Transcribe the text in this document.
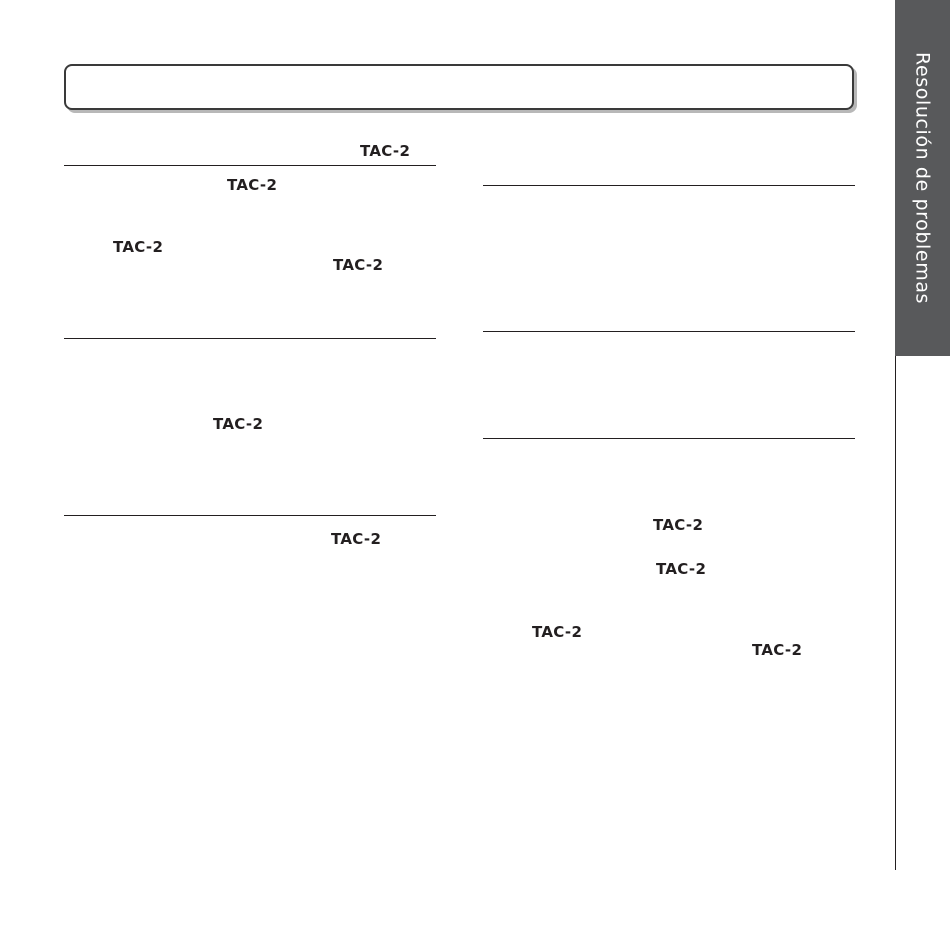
Resolución de problemas
TAC-2
TAC-2
TAC-2
TAC-2
TAC-2
TAC-2
TAC-2
TAC-2
TAC-2
TAC-2
